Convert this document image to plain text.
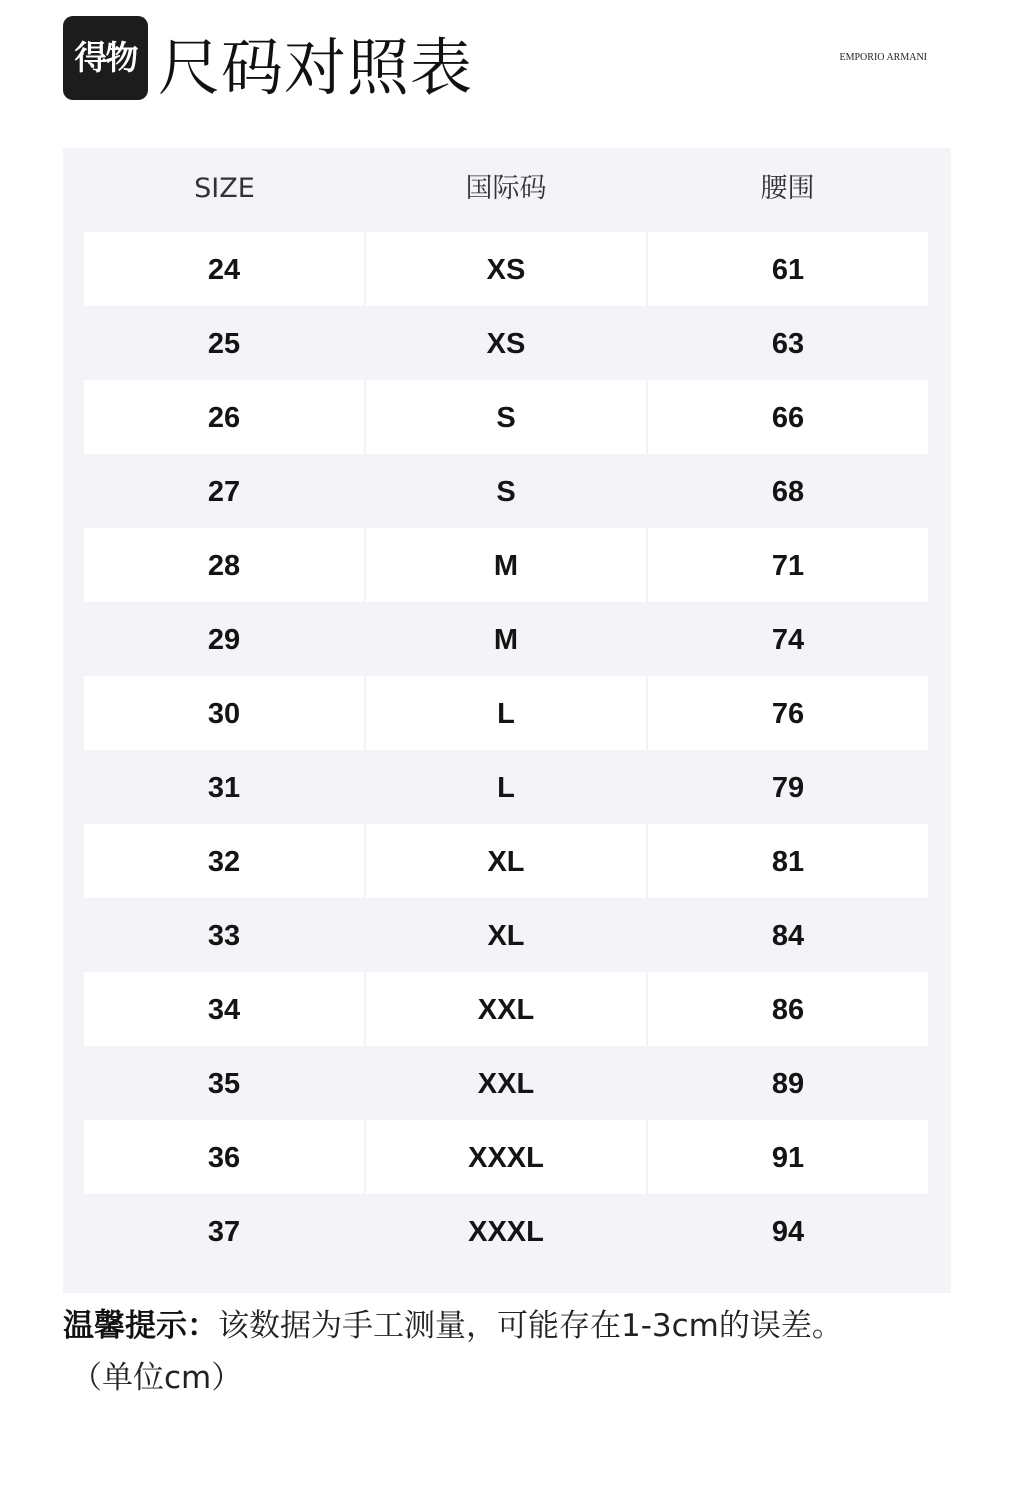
得物 尺码对照表	EMPORIO ARMANI
SIZE	国际码	腰围
24	XS	61
25	XS	63
26	S	66
27	S	68
28	M	71
29	M	74
30	L	76
31	L	79
32	XL	81
33	XL	84
34	XXL	86
35	XXL	89
36	XXXL	91
37	XXXL	94
温馨提示：该数据为手工测量，可能存在1-3cm的误差。
（单位cm）
